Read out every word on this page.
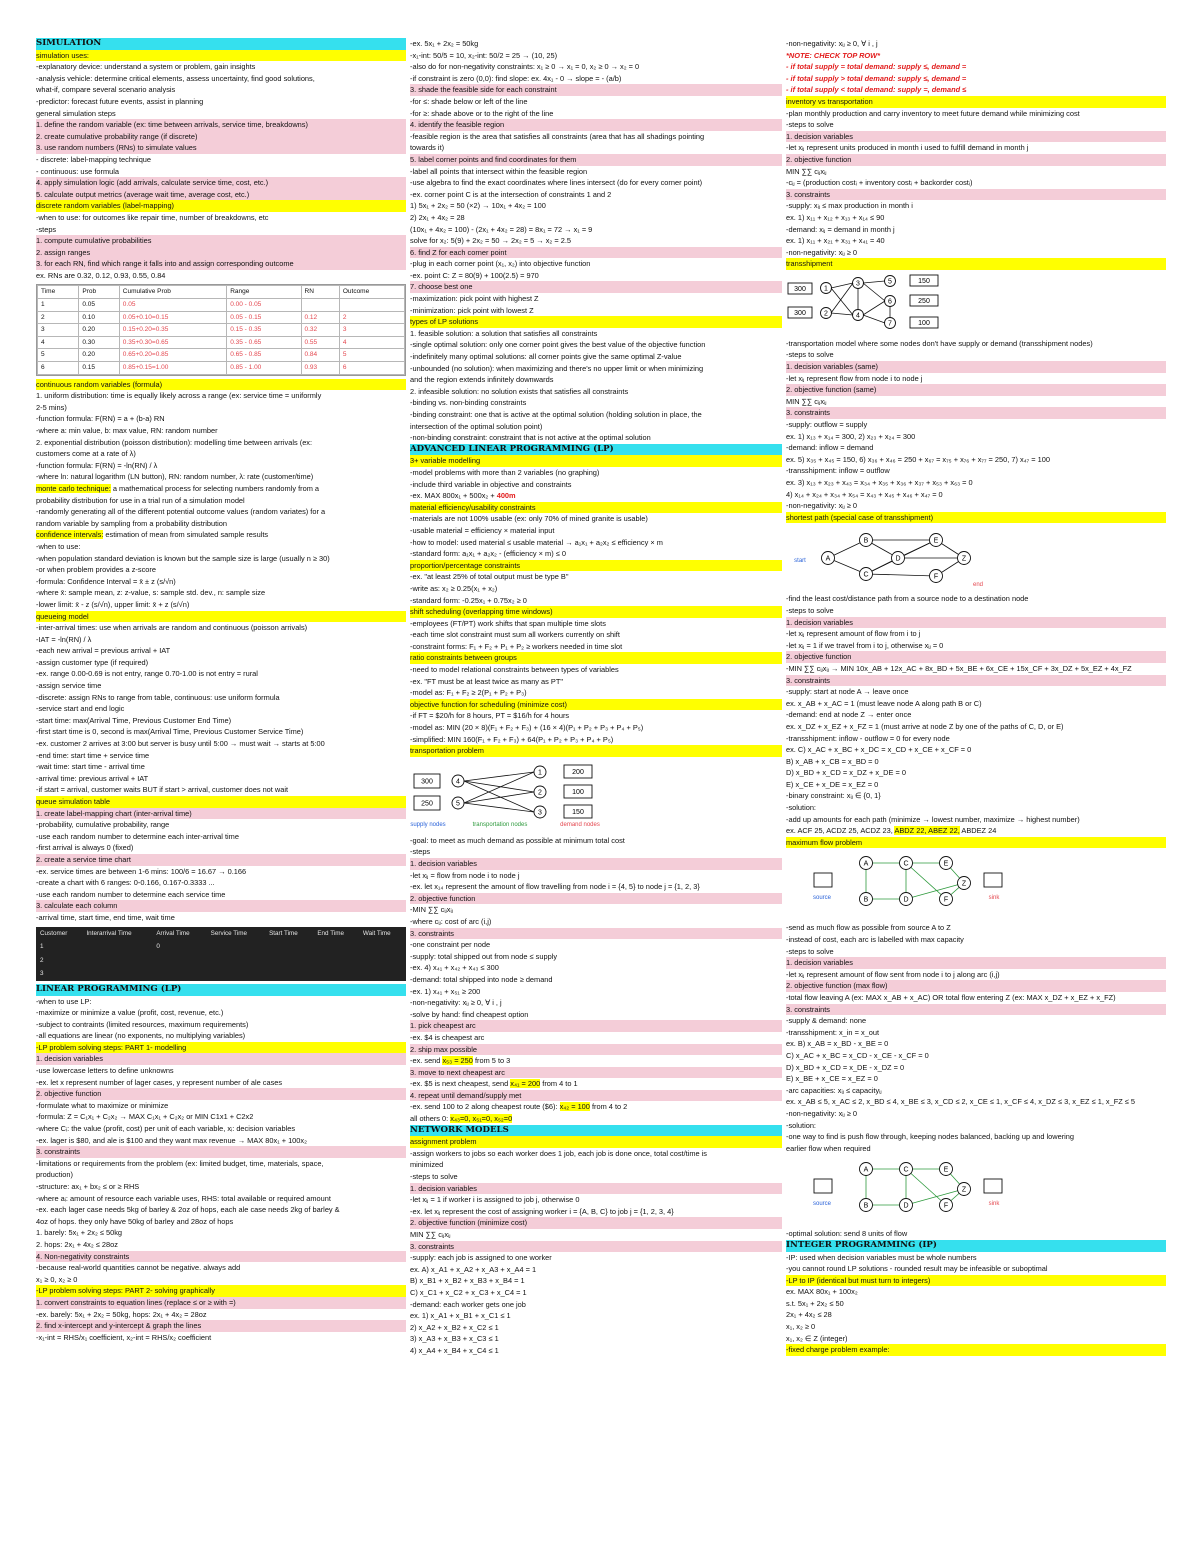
SIMULATION
simulation uses:
-explanatory device: understand a system or problem, gain insights
-analysis vehicle: determine critical elements, assess uncertainty, find good solutions,
what-if, compare several scenario analysis
-predictor: forecast future events, assist in planning
general simulation steps
1. define the random variable (ex: time between arrivals, service time, breakdowns)
2. create cumulative probability range (if discrete)
3. use random numbers (RNs) to simulate values
- discrete: label-mapping technique
- continuous: use formula
4. apply simulation logic (add arrivals, calculate service time, cost, etc.)
5. calculate output metrics (average wait time, average cost, etc.)
discrete random variables (label-mapping)
-when to use: for outcomes like repair time, number of breakdowns, etc
-steps
1. compute cumulative probabilities
2. assign ranges
3. for each RN, find which range it falls into and assign corresponding outcome
ex. RNs are 0.32, 0.12, 0.93, 0.55, 0.84
Time	Prob	Cumulative Prob	Range	RN	Outcome
1	0.05	0.05	0.00 - 0.05		
2	0.10	0.05+0.10=0.15	0.05 - 0.15	0.12	2
3	0.20	0.15+0.20=0.35	0.15 - 0.35	0.32	3
4	0.30	0.35+0.30=0.65	0.35 - 0.65	0.55	4
5	0.20	0.65+0.20=0.85	0.65 - 0.85	0.84	5
6	0.15	0.85+0.15=1.00	0.85 - 1.00	0.93	6
continuous random variables (formula)
1. uniform distribution: time is equally likely across a range (ex: service time = uniformly
2-5 mins)
-function formula: F(RN) = a + (b-a) RN
-where a: min value, b: max value, RN: random number
2. exponential distribution (poisson distribution): modelling time between arrivals (ex:
customers come at a rate of λ)
-function formula: F(RN) = -ln(RN) / λ
-where ln: natural logarithm (LN button), RN: random number, λ: rate (customer/time)
monte carlo technique: a mathematical process for selecting numbers randomly from a
probability distribution for use in a trial run of a simulation model
-randomly generating all of the different potential outcome values (random variates) for a
random variable by sampling from a probability distribution
confidence intervals: estimation of mean from simulated sample results
-when to use:
-when population standard deviation is known but the sample size is large (usually n ≥ 30)
-or when problem provides a z-score
-formula: Confidence Interval = x̄ ± z (s/√n)
-where x̄: sample mean, z: z-value, s: sample std. dev., n: sample size
-lower limit: x̄ - z (s/√n), upper limit: x̄ + z (s/√n)
queueing model
-inter-arrival times: use when arrivals are random and continuous (poisson arrivals)
-IAT = -ln(RN) / λ
-each new arrival = previous arrival + IAT
-assign customer type (if required)
-ex. range 0.00-0.69 is not entry, range 0.70-1.00 is not entry = rural
-assign service time
-discrete: assign RNs to range from table, continuous: use uniform formula
-service start and end logic
-start time: max(Arrival Time, Previous Customer End Time)
-first start time is 0, second is max(Arrival Time, Previous Customer Service Time)
-ex. customer 2 arrives at 3:00 but server is busy until 5:00 → must wait → starts at 5:00
-end time: start time + service time
-wait time: start time - arrival time
-arrival time: previous arrival + IAT
-if start = arrival, customer waits BUT if start > arrival, customer does not wait
queue simulation table
1. create label-mapping chart (inter-arrival time)
-probability, cumulative probability, range
-use each random number to determine each inter-arrival time
-first arrival is always 0 (fixed)
2. create a service time chart
-ex. service times are between 1-6 mins: 100/6 = 16.67 → 0.166
-create a chart with 6 ranges: 0-0.166, 0.167-0.3333 ...
-use each random number to determine each service time
3. calculate each column
-arrival time, start time, end time, wait time
Customer	Interarrival Time	Arrival Time	Service Time	Start Time	End Time	Wait Time
1		0				
2						
3						
LINEAR PROGRAMMING (LP)
-when to use LP:
-maximize or minimize a value (profit, cost, revenue, etc.)
-subject to contraints (limited resources, maximum requirements)
-all equations are linear (no exponents, no multiplying variables)
-LP problem solving steps: PART 1- modelling
1. decision variables
-use lowercase letters to define unknowns
-ex. let x represent number of lager cases, y represent number of ale cases
2. objective function
-formulate what to maximize or minimize
-formula: Z = C₁x₁ + C₂x₂ → MAX C₁x₁ + C₂x₂ or MIN C1x1 + C2x2
-where Cᵢ: the value (profit, cost) per unit of each variable, xᵢ: decision variables
-ex. lager is $80, and ale is $100 and they want max revenue → MAX 80x₁ + 100x₂
3. constraints
-limitations or requirements from the problem (ex: limited budget, time, materials, space,
production)
-structure: ax₁ + bx₂ ≤ or ≥ RHS
-where aᵢ: amount of resource each variable uses, RHS: total available or required amount
-ex. each lager case needs 5kg of barley & 2oz of hops, each ale case needs 2kg of barley &
4oz of hops. they only have 50kg of barley and 28oz of hops
1. barely: 5x₁ + 2x₂ ≤ 50kg
2. hops: 2x₁ + 4x₂ ≤ 28oz
4. Non-negativity constraints
-because real-world quantities cannot be negative. always add
x₁ ≥ 0, x₂ ≥ 0
-LP problem solving steps: PART 2- solving graphically
1. convert constraints to equation lines (replace ≤ or ≥ with =)
-ex. barely: 5x₁ + 2x₂ = 50kg, hops: 2x₁ + 4x₂ = 28oz
2. find x-intercept and y-intercept & graph the lines
-x₁-int = RHS/x₁ coefficient, x₂-int = RHS/x₂ coefficient
-ex. 5x₁ + 2x₂ = 50kg
-x₁-int: 50/5 = 10, x₂-int: 50/2 = 25 → (10, 25)
-also do for non-negativity constraints: x₁ ≥ 0 → x₁ = 0, x₂ ≥ 0 → x₂ = 0
-if constraint is zero (0,0): find slope: ex. 4x₁ - 0 → slope = - (a/b)
3. shade the feasible side for each constraint
-for ≤: shade below or left of the line
-for ≥: shade above or to the right of the line
4. identify the feasible region
-feasible region is the area that satisfies all constraints (area that has all shadings pointing
towards it)
5. label corner points and find coordinates for them
-label all points that intersect within the feasible region
-use algebra to find the exact coordinates where lines intersect (do for every corner point)
-ex. corner point C is at the intersection of constraints 1 and 2
1) 5x₁ + 2x₂ = 50 (×2) → 10x₁ + 4x₂ = 100
2) 2x₁ + 4x₂ = 28
(10x₁ + 4x₂ = 100) - (2x₁ + 4x₂ = 28) = 8x₁ = 72 → x₁ = 9
solve for x₂: 5(9) + 2x₂ = 50 → 2x₂ = 5 → x₂ = 2.5
6. find Z for each corner point
-plug in each corner point (x₁, x₂) into objective function
-ex. point C: Z = 80(9) + 100(2.5) = 970
7. choose best one
-maximization: pick point with highest Z
-minimization: pick point with lowest Z
types of LP solutions
1. feasible solution: a solution that satisfies all constraints
-single optimal solution: only one corner point gives the best value of the objective function
-indefinitely many optimal solutions: all corner points give the same optimal Z-value
-unbounded (no solution): when maximizing and there's no upper limit or when minimizing
and the region extends infinitely downwards
2. infeasible solution: no solution exists that satisfies all constraints
-binding vs. non-binding constraints
-binding constraint: one that is active at the optimal solution (holding solution in place, the
intersection of the optimal solution point)
-non-binding constraint: constraint that is not active at the optimal solution
ADVANCED LINEAR PROGRAMMING (LP)
3+ variable modelling
-model problems with more than 2 variables (no graphing)
-include third variable in objective and constraints
-ex. MAX 800x₁ + 500x₂ + 400m
material efficiency/usability constraints
-materials are not 100% usable (ex: only 70% of mined granite is usable)
-usable material = efficiency × material input
-how to model: used material ≤ usable material → a₁x₁ + a₂x₂ ≤ efficiency × m
-standard form: a₁x₁ + a₂x₂ - (efficiency × m) ≤ 0
proportion/percentage constraints
-ex. "at least 25% of total output must be type B"
-write as: x₂ ≥ 0.25(x₁ + x₂)
-standard form: -0.25x₁ + 0.75x₂ ≥ 0
shift scheduling (overlapping time windows)
-employees (FT/PT) work shifts that span multiple time slots
-each time slot constraint must sum all workers currently on shift
-constraint forms: F₁ + F₂ + P₁ + P₂ ≥ workers needed in time slot
ratio constraints between groups
-need to model relational constraints between types of variables
-ex. "FT must be at least twice as many as PT"
-model as: F₁ + F₂ ≥ 2(P₁ + P₂ + P₃)
objective function for scheduling (minimize cost)
-if FT = $20/h for 8 hours, PT = $16/h for 4 hours
-model as: MIN (20 × 8)(F₁ + F₂ + F₃) + (16 × 4)(P₁ + P₂ + P₃ + P₄ + P₅)
-simplified: MIN 160(F₁ + F₂ + F₃) + 64(P₁ + P₂ + P₃ + P₄ + P₅)
transportation problem
300
250
4
5
1
2
3
200
100
150
supply nodes	transportation nodes	demand nodes
-goal: to meet as much demand as possible at minimum total cost
-steps
1. decision variables
-let xᵢⱼ = flow from node i to node j
-ex. let x₁₄ represent the amount of flow travelling from node i = {4, 5} to node j = {1, 2, 3}
2. objective function
-MIN ∑∑ cᵢⱼxᵢⱼ
-where cᵢⱼ: cost of arc (i,j)
3. constraints
-one constraint per node
-supply: total shipped out from node ≤ supply
-ex. 4) x₄₁ + x₄₂ + x₄₃ ≤ 300
-demand: total shipped into node ≥ demand
-ex. 1) x₄₁ + x₅₁ ≥ 200
-non-negativity: xᵢⱼ ≥ 0, ∀ i , j
-solve by hand: find cheapest option
1. pick cheapest arc
-ex. $4 is cheapest arc
2. ship max possible
-ex. send x₅₃ = 250 from 5 to 3
3. move to next cheapest arc
-ex. $5 is next cheapest, send x₄₁ = 200 from 4 to 1
4. repeat until demand/supply met
-ex. send 100 to 2 along cheapest route ($6): x₄₂ = 100 from 4 to 2
all others 0: x₄₃=0, x₅₁=0, x₅₂=0
NETWORK MODELS
assignment problem
-assign workers to jobs so each worker does 1 job, each job is done once, total cost/time is
minimized
-steps to solve
1. decision variables
-let xᵢⱼ = 1 if worker i is assigned to job j, otherwise 0
-ex. let xᵢⱼ represent the cost of assigning worker i = {A, B, C} to job j = {1, 2, 3, 4}
2. objective function (minimize cost)
MIN ∑∑ cᵢⱼxᵢⱼ
3. constraints
-supply: each job is assigned to one worker
ex. A) x_A1 + x_A2 + x_A3 + x_A4 = 1
B) x_B1 + x_B2 + x_B3 + x_B4 = 1
C) x_C1 + x_C2 + x_C3 + x_C4 = 1
-demand: each worker gets one job
ex. 1) x_A1 + x_B1 + x_C1 ≤ 1
2) x_A2 + x_B2 + x_C2 ≤ 1
3) x_A3 + x_B3 + x_C3 ≤ 1
4) x_A4 + x_B4 + x_C4 ≤ 1
-non-negativity: xᵢⱼ ≥ 0, ∀ i , j
*NOTE: CHECK TOP ROW*
- if total supply = total demand: supply ≤, demand =
- if total supply > total demand: supply ≤, demand =
- if total supply < total demand: supply =, demand ≤
inventory vs transportation
-plan monthly production and carry inventory to meet future demand while minimizing cost
-steps to solve
1. decision variables
-let xᵢⱼ represent units produced in month i used to fulfill demand in month j
2. objective function
MIN ∑∑ cᵢⱼxᵢⱼ
-cᵢⱼ = (production costᵢ + inventory costᵢ + backorder costᵢ)
3. constraints
-supply: xᵢⱼ ≤ max production in month i
ex. 1) x₁₁ + x₁₂ + x₁₃ + x₁₄ ≤ 90
-demand: xᵢⱼ = demand in month j
ex. 1) x₁₁ + x₂₁ + x₃₁ + x₄₁ = 40
-non-negativity: xᵢⱼ ≥ 0
transshipment
300
300
1
2
3
4
5
6
7
150
250
100
-transportation model where some nodes don't have supply or demand (transshipment nodes)
-steps to solve
1. decision variables (same)
-let xᵢⱼ represent flow from node i to node j
2. objective function (same)
MIN ∑∑ cᵢⱼxᵢⱼ
3. constraints
-supply: outflow = supply
ex. 1) x₁₃ + x₁₄ = 300, 2) x₂₃ + x₂₄ = 300
-demand: inflow = demand
ex. 5) x₃₅ + x₄₅ = 150, 6) x₃₆ + x₄₆ = 250 + x₆₇ = x₇₅ + x₇₆ + x₇₇ = 250, 7) x₄₇ = 100
-transshipment: inflow = outflow
ex. 3) x₁₃ + x₂₃ + x₄₃ = x₃₄ + x₃₅ + x₃₆ + x₃₇ + x₅₃ + x₆₃ = 0
4) x₁₄ + x₂₄ + x₃₄ + x₅₄ = x₄₃ + x₄₅ + x₄₆ + x₄₇ = 0
-non-negativity: xᵢⱼ ≥ 0
shortest path (special case of transshipment)
A
B
C
D
E
F
Z
start
end
-find the least cost/distance path from a source node to a destination node
-steps to solve
1. decision variables
-let xᵢⱼ represent amount of flow from i to j
-let xᵢⱼ = 1 if we travel from i to j, otherwise xᵢⱼ = 0
2. objective function
-MIN ∑∑ cᵢⱼxᵢⱼ → MIN 10x_AB + 12x_AC + 8x_BD + 5x_BE + 6x_CE + 15x_CF + 3x_DZ + 5x_EZ + 4x_FZ
3. constraints
-supply: start at node A → leave once
ex. x_AB + x_AC = 1 (must leave node A along path B or C)
-demand: end at node Z → enter once
ex. x_DZ + x_EZ + x_FZ = 1 (must arrive at node Z by one of the paths of C, D, or E)
-transshipment: inflow - outflow = 0 for every node
ex. C) x_AC + x_BC + x_DC = x_CD + x_CE + x_CF = 0
B) x_AB + x_CB = x_BD = 0
D) x_BD + x_CD = x_DZ + x_DE = 0
E) x_CE + x_DE = x_EZ = 0
-binary constraint: xᵢⱼ ∈ {0, 1}
-solution:
-add up amounts for each path (minimize → lowest number, maximize → highest number)
ex. ACF 25, ACDZ 25, ACDZ 23, ABDZ 22, ABEZ 22, ABDEZ 24
maximum flow problem
A
B
C
D
E
F
Z
source	sink
-send as much flow as possible from source A to Z
-instead of cost, each arc is labelled with max capacity
-steps to solve
1. decision variables
-let xᵢⱼ represent amount of flow sent from node i to j along arc (i,j)
2. objective function (max flow)
-total flow leaving A (ex: MAX x_AB + x_AC) OR total flow entering Z (ex: MAX x_DZ + x_EZ + x_FZ)
3. constraints
-supply & demand: none
-transshipment: x_in = x_out
ex. B) x_AB = x_BD - x_BE = 0
C) x_AC + x_BC = x_CD - x_CE - x_CF = 0
D) x_BD + x_CD = x_DE - x_DZ = 0
E) x_BE + x_CE = x_EZ = 0
-arc capacities: xᵢⱼ ≤ capacityᵢⱼ
ex. x_AB ≤ 5, x_AC ≤ 2, x_BD ≤ 4, x_BE ≤ 3, x_CD ≤ 2, x_CE ≤ 1, x_CF ≤ 4, x_DZ ≤ 3, x_EZ ≤ 1, x_FZ ≤ 5
-non-negativity: xᵢⱼ ≥ 0
-solution:
-one way to find is push flow through, keeping nodes balanced, backing up and lowering
earlier flow when required
A
B
C
D
E
F
Z
source	sink
-optimal solution: send 8 units of flow
INTEGER PROGRAMMING (IP)
-IP: used when decision variables must be whole numbers
-you cannot round LP solutions - rounded result may be infeasible or suboptimal
-LP to IP (identical but must turn to integers)
ex. MAX 80x₁ + 100x₂
s.t. 5x₁ + 2x₂ ≤ 50
2x₁ + 4x₂ ≤ 28
x₁, x₂ ≥ 0
x₁, x₂ ∈ Z (integer)
-fixed charge problem example:
